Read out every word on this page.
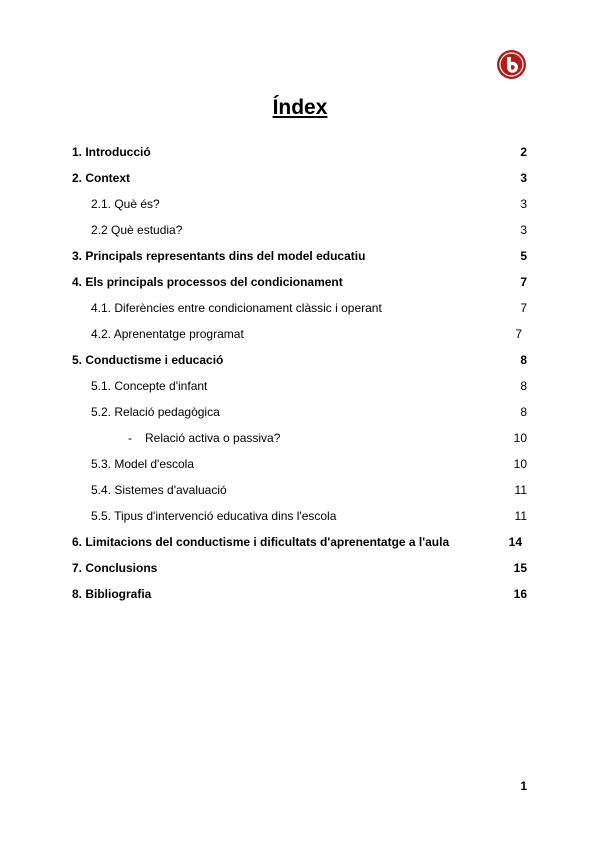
Índex
1. Introducció	2
2. Context	3
2.1. Què és?	3
2.2 Què estudia?	3
3. Principals representants dins del model educatiu	5
4. Els principals processos del condicionament	7
4.1. Diferències entre condicionament clàssic i operant	7
4.2. Aprenentatge programat	7
5. Conductisme i educació	8
5.1. Concepte d'infant	8
5.2. Relació pedagògica	8
- Relació activa o passiva?	10
5.3. Model d'escola	10
5.4. Sistemes d'avaluació	11
5.5. Tipus d'intervenció educativa dins l'escola	11
6. Limitacions del conductisme i dificultats d'aprenentatge a l'aula	14
7. Conclusions	15
8. Bibliografia	16
1
